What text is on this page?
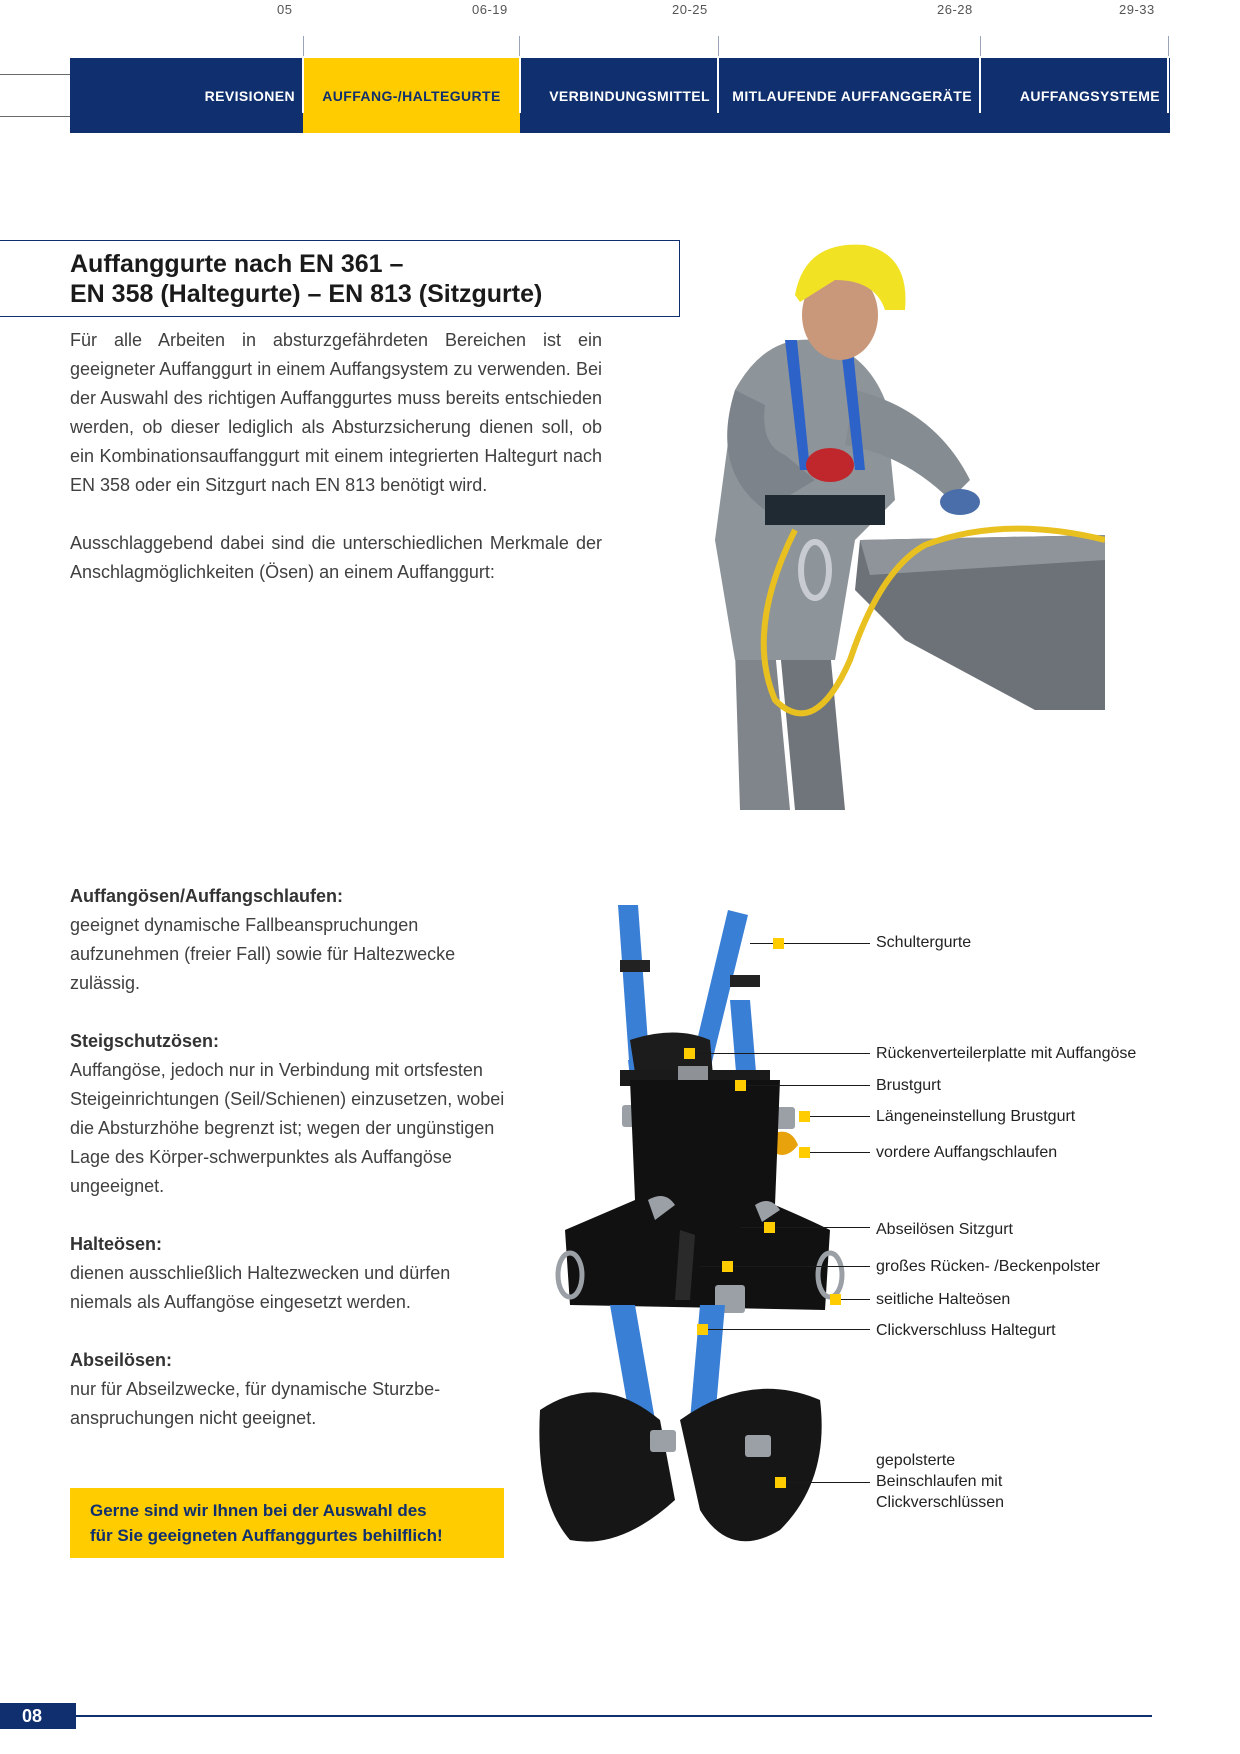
05	06-19	20-25	26-28	29-33
REVISIONEN	AUFFANG-/HALTEGURTE	VERBINDUNGSMITTEL	MITLAUFENDE AUFFANGGERÄTE	AUFFANGSYSTEME
Auffanggurte nach EN 361 –
EN 358 (Haltegurte) – EN 813 (Sitzgurte)

Für alle Arbeiten in absturzgefährdeten Bereichen ist ein geeigneter Auffanggurt in einem Auffangsystem zu verwenden. Bei der Auswahl des richtigen Auffanggurtes muss bereits entschieden werden, ob dieser lediglich als Absturzsicherung dienen soll, ob ein Kombinationsauffanggurt mit einem integrierten Haltegurt nach EN 358 oder ein Sitzgurt nach EN 813 benötigt wird.

Ausschlaggebend dabei sind die unterschiedlichen Merkmale der Anschlagmöglichkeiten (Ösen) an einem Auffanggurt:

Auffangösen/Auffangschlaufen:
geeignet dynamische Fallbeanspruchungen aufzunehmen (freier Fall) sowie für Haltezwecke zulässig.
Steigschutzösen:
Auffangöse, jedoch nur in Verbindung mit ortsfesten Steigeinrichtungen (Seil/Schienen) einzusetzen, wobei die Absturzhöhe begrenzt ist; wegen der ungünstigen Lage des Körper-schwerpunktes als Auffangöse ungeeignet.
Halteösen:
dienen ausschließlich Haltezwecken und dürfen niemals als Auffangöse eingesetzt werden.
Abseilösen:
nur für Abseilzwecke, für dynamische Sturzbe-anspruchungen nicht geeignet.
Gerne sind wir Ihnen bei der Auswahl des
für Sie geeigneten Auffanggurtes behilflich!
Schultergurte
Rückenverteilerplatte mit Auffangöse
Brustgurt
Längeneinstellung Brustgurt
vordere Auffangschlaufen
Abseilösen Sitzgurt
großes Rücken- /Beckenpolster
seitliche Halteösen
Clickverschluss Haltegurt
gepolsterte
Beinschlaufen mit
Clickverschlüssen
08
